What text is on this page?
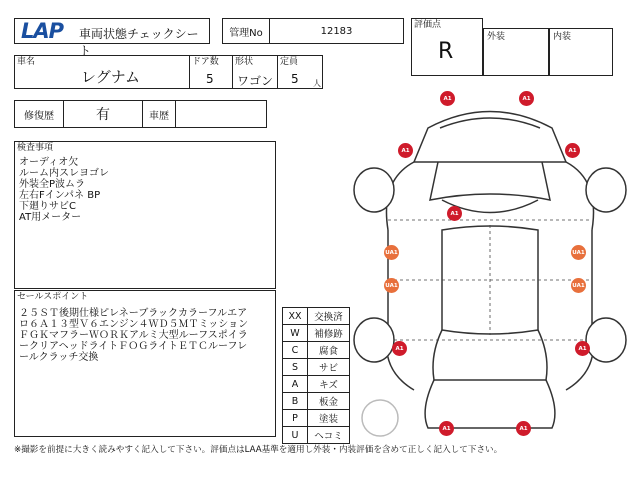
LAP 車両状態チェックシート
管理No	12183
評価点
R
外装	内装
車名
レグナム
ドア数
5
形状
ワゴン
定員
5 人
修復歴	有	車歴
検査事項
オーディオ欠
ルーム内スレヨゴレ
外装全P波ムラ
左右Fインパネ BP
下廻りサビC
AT用メーター
セールスポイント
２５ＳＴ後期仕様ピレネーブラックカラーフルエア
ロ６Ａ１３型Ｖ６エンジン４ＷＤ５ＭＴミッション
ＦＧＫマフラーＷＯＲＫアルミ大型ルーフスポイラ
ークリアヘッドライトＦＯＧライトＥＴＣルーフレ
ールクラッチ交換
XX	交換済
W	補修跡
C	腐食
S	サビ
A	キズ
B	板金
P	塗装
U	ヘコミ
A1	A1
A1	A1
A1
UA1	UA1
UA1	UA1
A1	A1
A1	A1
※撮影を前提に大きく読みやすく記入して下さい。評価点はLAA基準を適用し外装・内装評価を含めて正しく記入して下さい。
